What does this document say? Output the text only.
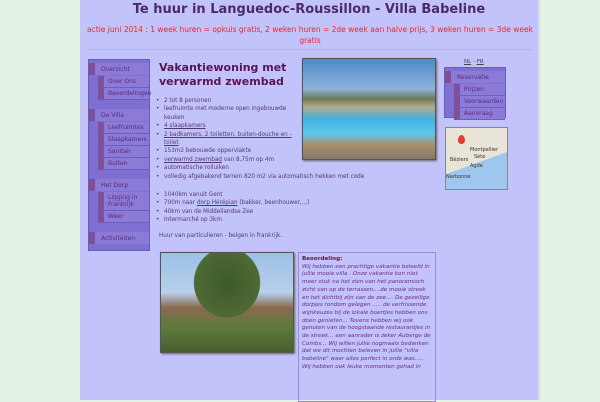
Te huur in Languedoc-Roussillon - Villa Babeline
actie juni 2014 : 1 week huren = opkuis gratis, 2 weken huren = 2de week aan halve prijs, 3 weken huren = 3de week gratis
Overzicht
Over Ons
Beoordelingen
De Villa
Leefruimtes
Slaapkamers
Sanitair
Buiten
Het Dorp
Ligging in Frankrijk
Weer
Activiteiten
Vakantiewoning met verwarmd zwembad
• 2 tot 8 personen
• leefruimte met moderne open ingebouwde keuken
• 4 slaapkamers
• 2 badkamers, 2 toiletten, buiten-douche en -toilet
• 153m2 bebouwde oppervlakte
• verwarmd zwembad van 8,75m op 4m
• automatische rolluiken
• volledig afgebakend terrein 820 m2 via automatisch hekken met code
• 1040km vanuit Gent
• 700m naar dorp Hérépian (bakker, beenhouwer,...)
• 40km van de Middellandse Zee
• Intermarché op 3km
Huur van particulieren - belgen in frankrijk.
NL - FR
Reservatie
Prijzen
Voorwaarden
Aanvraag
Montpellier
Béziers Sète
Agde
Narbonne
Beoordeling:
Wij hebben een prachtige vakantie beleefd in jullie mooie villa . Onze vakantie kon niet meer stuk na het zien van het panoramisch zicht van op de terrassen....de mooie streek en het dichtbij zijn van de zee.... De gezellige dorpjes rondom gelegen ..... de verfrissende wijnkeuzes bij de lokale boertjes hebben ons doen genieten... Tevens hebben wij ook genoten van de hoogstaande restaurantjes in de streek... een aanrader is zeker Auberge de Combs... Wij willen jullie nogmaals bedanken dat we dit mochten beleven in jullie "villa babeline" waar alles perfect in orde was..... Wij hebben ook leuke momenten gehad in
